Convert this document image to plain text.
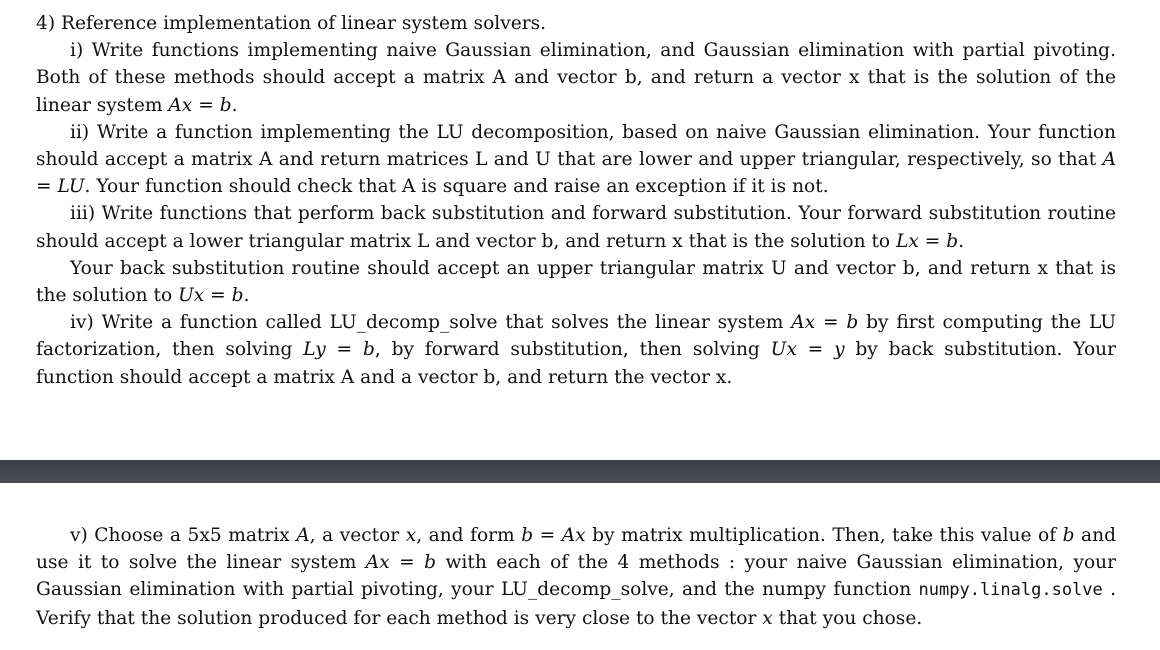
4) Reference implementation of linear system solvers.

i) Write functions implementing naive Gaussian elimination, and Gaussian elimination with partial pivoting. Both of these methods should accept a matrix A and vector b, and return a vector x that is the solution of the linear system Ax = b.

ii) Write a function implementing the LU decomposition, based on naive Gaussian elimination. Your function should accept a matrix A and return matrices L and U that are lower and upper triangular, respectively, so that A = LU. Your function should check that A is square and raise an exception if it is not.

iii) Write functions that perform back substitution and forward substitution. Your forward substitution routine should accept a lower triangular matrix L and vector b, and return x that is the solution to Lx = b.

Your back substitution routine should accept an upper triangular matrix U and vector b, and return x that is the solution to Ux = b.

iv) Write a function called LU_decomp_solve that solves the linear system Ax = b by first computing the LU factorization, then solving Ly = b, by forward substitution, then solving Ux = y by back substitution. Your function should accept a matrix A and a vector b, and return the vector x.

v) Choose a 5x5 matrix A, a vector x, and form b = Ax by matrix multiplication. Then, take this value of b and use it to solve the linear system Ax = b with each of the 4 methods : your naive Gaussian elimination, your Gaussian elimination with partial pivoting, your LU_decomp_solve, and the numpy function numpy.linalg.solve . Verify that the solution produced for each method is very close to the vector x that you chose.
